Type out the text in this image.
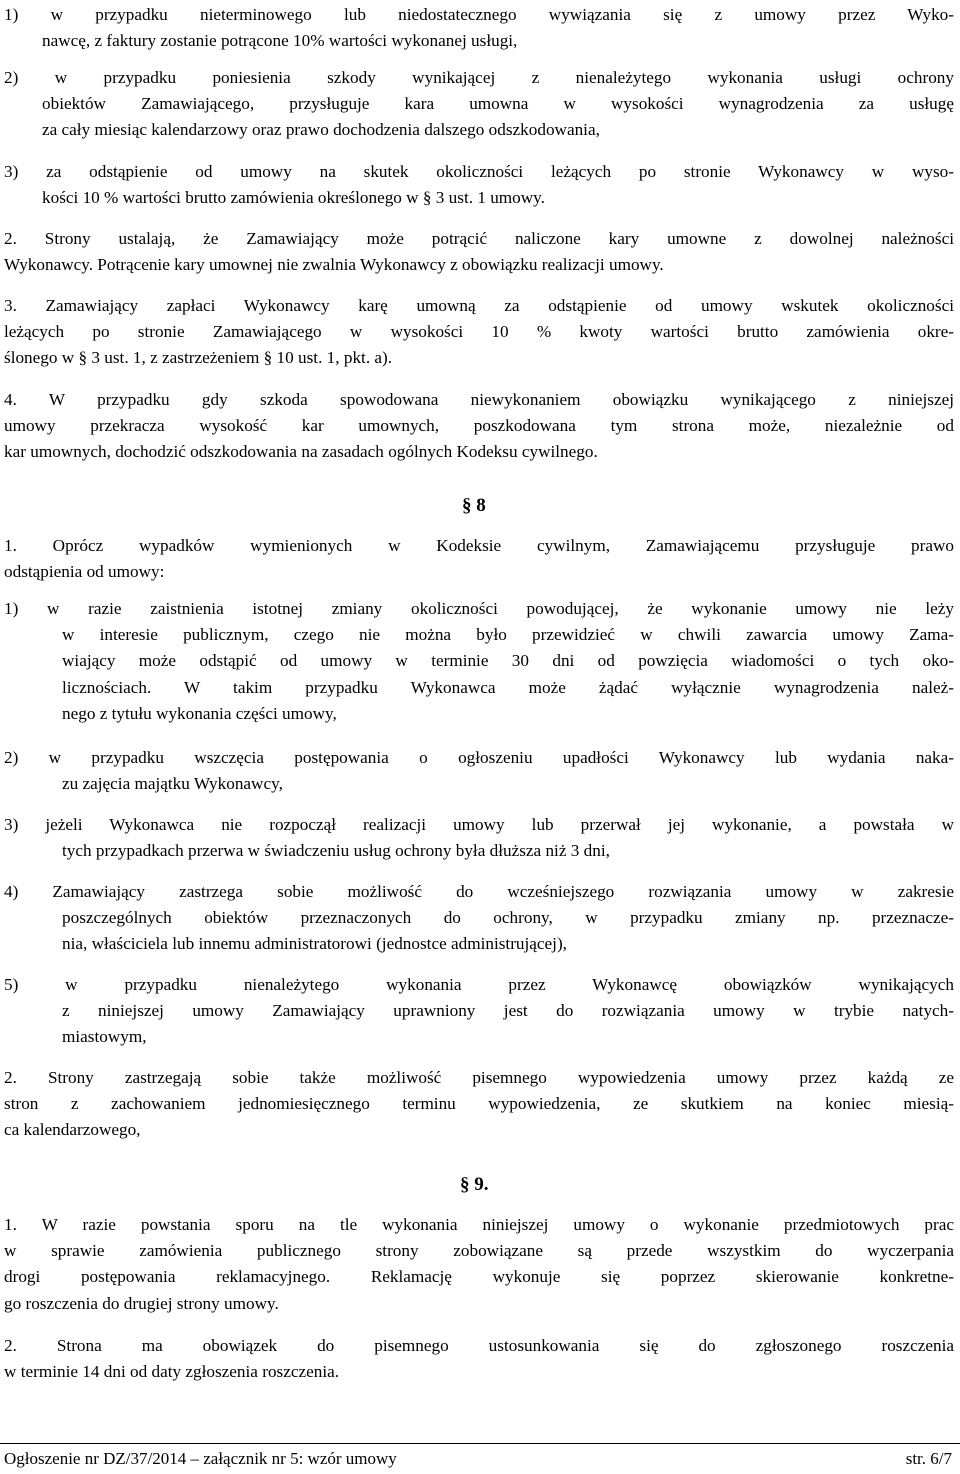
1) w przypadku nieterminowego lub niedostatecznego wywiązania się z umowy przez Wyko-
nawcę, z faktury zostanie potrącone 10% wartości wykonanej usługi,
2) w przypadku poniesienia szkody wynikającej z nienależytego wykonania usługi ochrony
obiektów Zamawiającego, przysługuje kara umowna w wysokości wynagrodzenia za usługę
za cały miesiąc kalendarzowy oraz prawo dochodzenia dalszego odszkodowania,
3) za odstąpienie od umowy na skutek okoliczności leżących po stronie Wykonawcy w wyso-
kości 10 % wartości brutto zamówienia określonego w § 3 ust. 1 umowy.
2. Strony ustalają, że Zamawiający może potrącić naliczone kary umowne z dowolnej należności
Wykonawcy. Potrącenie kary umownej nie zwalnia Wykonawcy z obowiązku realizacji umowy.
3. Zamawiający zapłaci Wykonawcy karę umowną za odstąpienie od umowy wskutek okoliczności
leżących po stronie Zamawiającego w wysokości 10 % kwoty wartości brutto zamówienia okre-
ślonego w § 3 ust. 1, z zastrzeżeniem § 10 ust. 1, pkt. a).
4. W przypadku gdy szkoda spowodowana niewykonaniem obowiązku wynikającego z niniejszej
umowy przekracza wysokość kar umownych, poszkodowana tym strona może, niezależnie od
kar umownych, dochodzić odszkodowania na zasadach ogólnych Kodeksu cywilnego.
§ 8
1. Oprócz wypadków wymienionych w Kodeksie cywilnym, Zamawiającemu przysługuje prawo
odstąpienia od umowy:
1) w razie zaistnienia istotnej zmiany okoliczności powodującej, że wykonanie umowy nie leży
w interesie publicznym, czego nie można było przewidzieć w chwili zawarcia umowy Zama-
wiający może odstąpić od umowy w terminie 30 dni od powzięcia wiadomości o tych oko-
licznościach. W takim przypadku Wykonawca może żądać wyłącznie wynagrodzenia należ-
nego z tytułu wykonania części umowy,
2) w przypadku wszczęcia postępowania o ogłoszeniu upadłości Wykonawcy lub wydania naka-
zu zajęcia majątku Wykonawcy,
3) jeżeli Wykonawca nie rozpoczął realizacji umowy lub przerwał jej wykonanie, a powstała w
tych przypadkach przerwa w świadczeniu usług ochrony była dłuższa niż 3 dni,
4) Zamawiający zastrzega sobie możliwość do wcześniejszego rozwiązania umowy w zakresie
poszczególnych obiektów przeznaczonych do ochrony, w przypadku zmiany np. przeznacze-
nia, właściciela lub innemu administratorowi (jednostce administrującej),
5) w przypadku nienależytego wykonania przez Wykonawcę obowiązków wynikających
z niniejszej umowy Zamawiający uprawniony jest do rozwiązania umowy w trybie natych-
miastowym,
2. Strony zastrzegają sobie także możliwość pisemnego wypowiedzenia umowy przez każdą ze
stron z zachowaniem jednomiesięcznego terminu wypowiedzenia, ze skutkiem na koniec miesią-
ca kalendarzowego,
§ 9.
1. W razie powstania sporu na tle wykonania niniejszej umowy o wykonanie przedmiotowych prac
w sprawie zamówienia publicznego strony zobowiązane są przede wszystkim do wyczerpania
drogi postępowania reklamacyjnego. Reklamację wykonuje się poprzez skierowanie konkretne-
go roszczenia do drugiej strony umowy.
2. Strona ma obowiązek do pisemnego ustosunkowania się do zgłoszonego roszczenia
w terminie 14 dni od daty zgłoszenia roszczenia.
Ogłoszenie nr DZ/37/2014 – załącznik nr 5: wzór umowy	str. 6/7
